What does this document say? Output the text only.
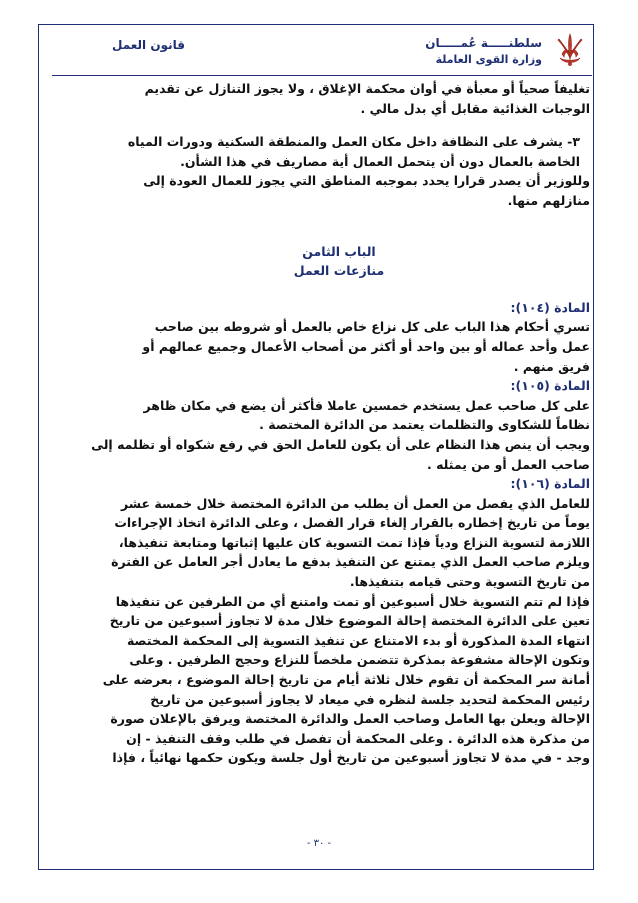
قانون العمل	سلطنـــــة عُمـــــان
وزارة القوى العاملة

تغليفاً صحياً أو معبأة في أوان محكمة الإغلاق ، ولا يجوز التنازل عن تقديم

الوجبات الغذائية مقابل أي بدل مالي .

٣- يشرف على النظافة داخل مكان العمل والمنطقة السكنية ودورات المياه

الخاصة بالعمال دون أن يتحمل العمال أية مصاريف في هذا الشأن.

وللوزير أن يصدر قرارا يحدد بموجبه المناطق التي يجوز للعمال العودة إلى

منازلهم منها.

الباب الثامن

منازعات العمل

المادة (١٠٤):

تسري أحكام هذا الباب على كل نزاع خاص بالعمل أو شروطه بين صاحب

عمل وأحد عماله أو بين واحد أو أكثر من أصحاب الأعمال وجميع عمالهم أو

فريق منهم .

المادة (١٠٥):

على كل صاحب عمل يستخدم خمسين عاملا فأكثر أن يضع في مكان ظاهر

نظاماً للشكاوى والتظلمات يعتمد من الدائرة المختصة .

ويجب أن ينص هذا النظام على أن يكون للعامل الحق في رفع شكواه أو تظلمه إلى

صاحب العمل أو من يمثله .

المادة (١٠٦):

للعامل الذي يفصل من العمل أن يطلب من الدائرة المختصة خلال خمسة عشر

يوماً من تاريخ إخطاره بالقرار إلغاء قرار الفصل ، وعلى الدائرة اتخاذ الإجراءات

اللازمة لتسوية النزاع ودياً فإذا تمت التسوية كان عليها إثباتها ومتابعة تنفيذها،

ويلزم صاحب العمل الذي يمتنع عن التنفيذ بدفع ما يعادل أجر العامل عن الفترة

من تاريخ التسوية وحتى قيامه بتنفيذها.

فإذا لم تتم التسوية خلال أسبوعين أو تمت وامتنع أي من الطرفين عن تنفيذها

تعين على الدائرة المختصة إحالة الموضوع خلال مدة لا تجاوز أسبوعين من تاريخ

انتهاء المدة المذكورة أو بدء الامتناع عن تنفيذ التسوية إلى المحكمة المختصة

وتكون الإحالة مشفوعة بمذكرة تتضمن ملخصاً للنزاع وحجج الطرفين . وعلى

أمانة سر المحكمة أن تقوم خلال ثلاثة أيام من تاريخ إحالة الموضوع ، بعرضه على

رئيس المحكمة لتحديد جلسة لنظره في ميعاد لا يجاوز أسبوعين من تاريخ

الإحالة ويعلن بها العامل وصاحب العمل والدائرة المختصة ويرفق بالإعلان صورة

من مذكرة هذه الدائرة . وعلى المحكمة أن تفصل في طلب وقف التنفيذ - إن

وجد - في مدة لا تجاوز أسبوعين من تاريخ أول جلسة ويكون حكمها نهائياً ، فإذا

- ٣٠ -
